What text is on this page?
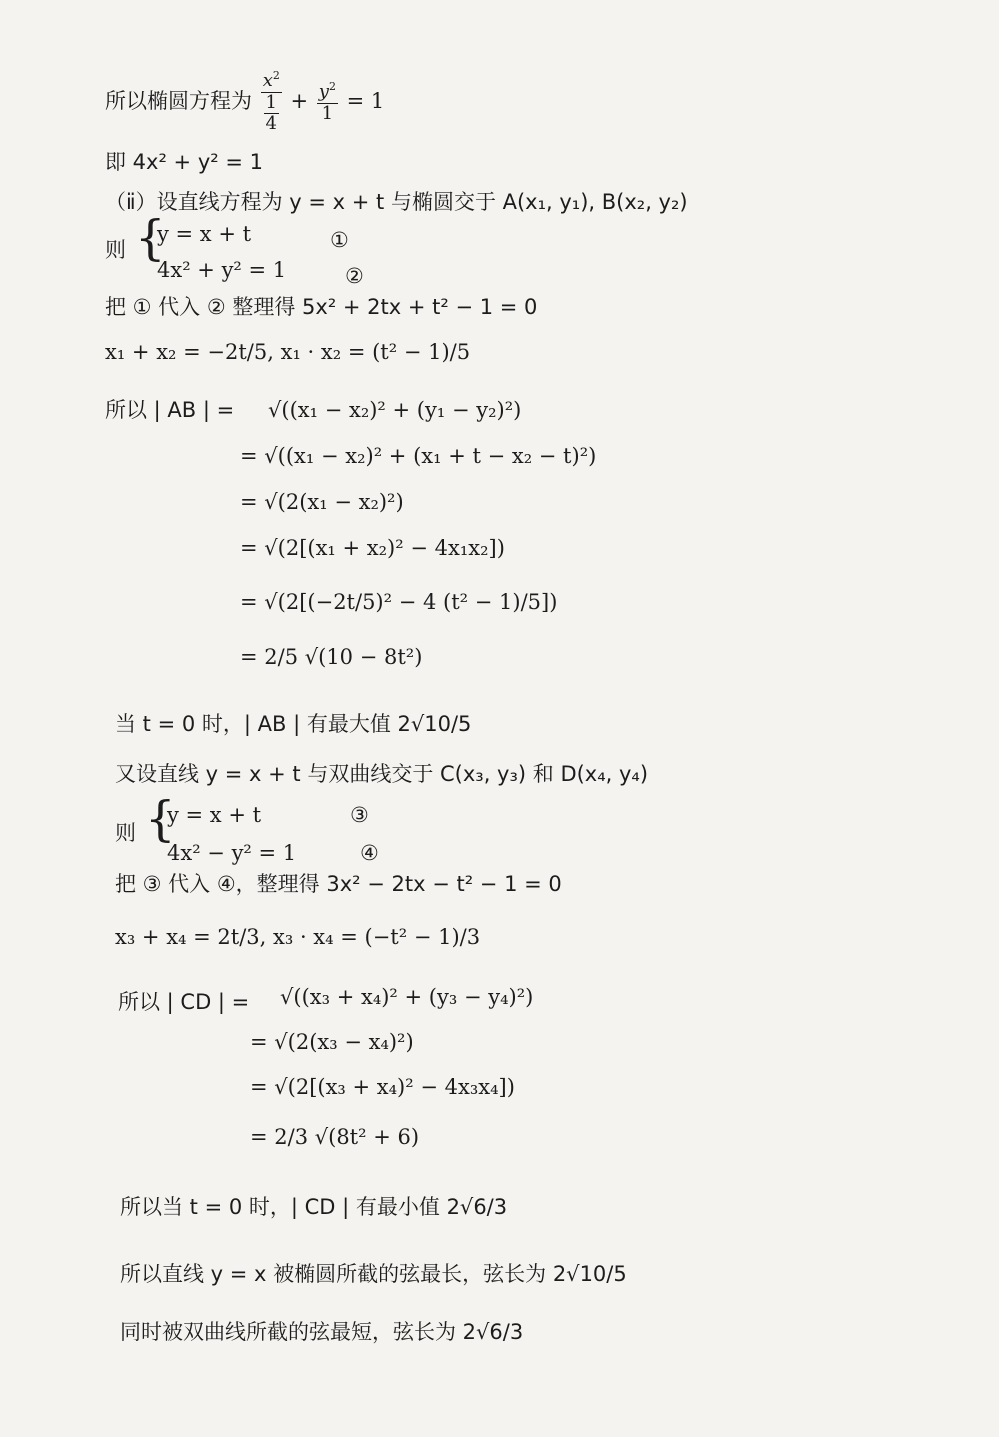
所以椭圆方程为 $\frac{x^2}{\frac{1}{4}} + \frac{y^2}{1} = 1$
即 4x² + y² = 1
（ⅱ）设直线方程为 y = x + t 与椭圆交于 A(x₁, y₁), B(x₂, y₂)
则 {
y = x + t
4x² + y² = 1
①
②
把 ① 代入 ② 整理得 5x² + 2tx + t² − 1 = 0
x₁ + x₂ = −2t/5, x₁ · x₂ = (t² − 1)/5
所以 | AB | = √((x₁ − x₂)² + (y₁ − y₂)²)
= √((x₁ − x₂)² + (x₁ + t − x₂ − t)²)
= √(2(x₁ − x₂)²)
= √(2[(x₁ + x₂)² − 4x₁x₂])
= √(2[(−2t/5)² − 4 (t² − 1)/5])
= 2/5 √(10 − 8t²)
当 t = 0 时，| AB | 有最大值 2√10/5
又设直线 y = x + t 与双曲线交于 C(x₃, y₃) 和 D(x₄, y₄)
则 {
y = x + t
4x² − y² = 1
③
④
把 ③ 代入 ④，整理得 3x² − 2tx − t² − 1 = 0
x₃ + x₄ = 2t/3, x₃ · x₄ = (−t² − 1)/3
所以 | CD | = √((x₃ + x₄)² + (y₃ − y₄)²)
= √(2(x₃ − x₄)²)
= √(2[(x₃ + x₄)² − 4x₃x₄])
= 2/3 √(8t² + 6)
所以当 t = 0 时，| CD | 有最小值 2√6/3
所以直线 y = x 被椭圆所截的弦最长，弦长为 2√10/5
同时被双曲线所截的弦最短，弦长为 2√6/3
